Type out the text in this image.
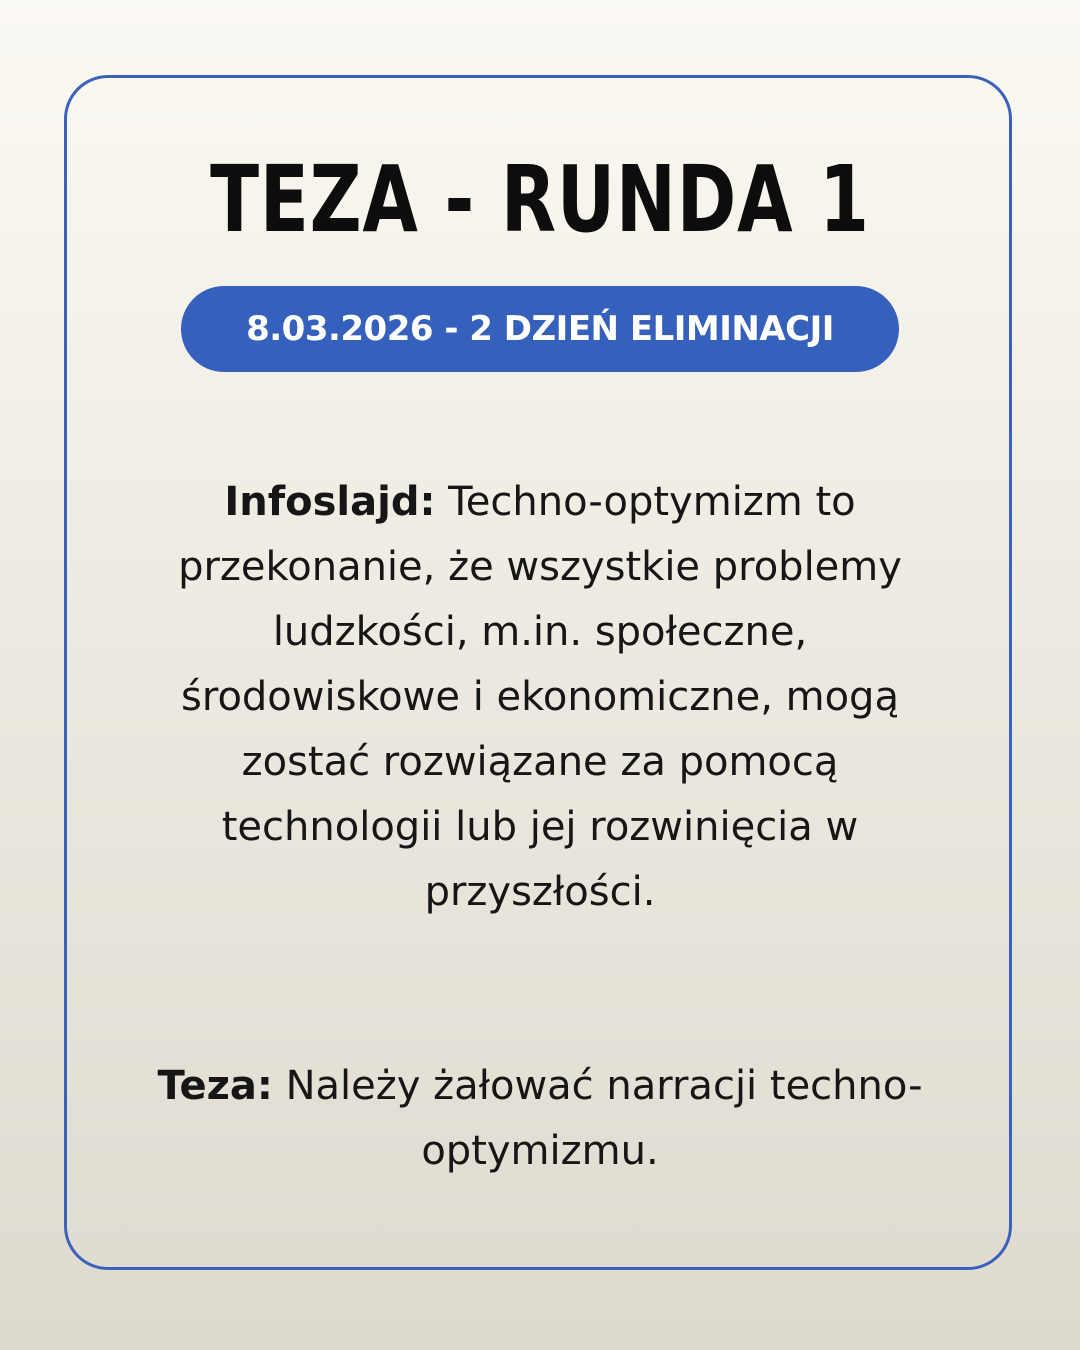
TEZA - RUNDA 1
8.03.2026 - 2 DZIEŃ ELIMINACJI

Infoslajd: Techno-optymizm to przekonanie, że wszystkie problemy ludzkości, m.in. społeczne, środowiskowe i ekonomiczne, mogą zostać rozwiązane za pomocą technologii lub jej rozwinięcia w przyszłości.

Teza: Należy żałować narracji techno-optymizmu.
